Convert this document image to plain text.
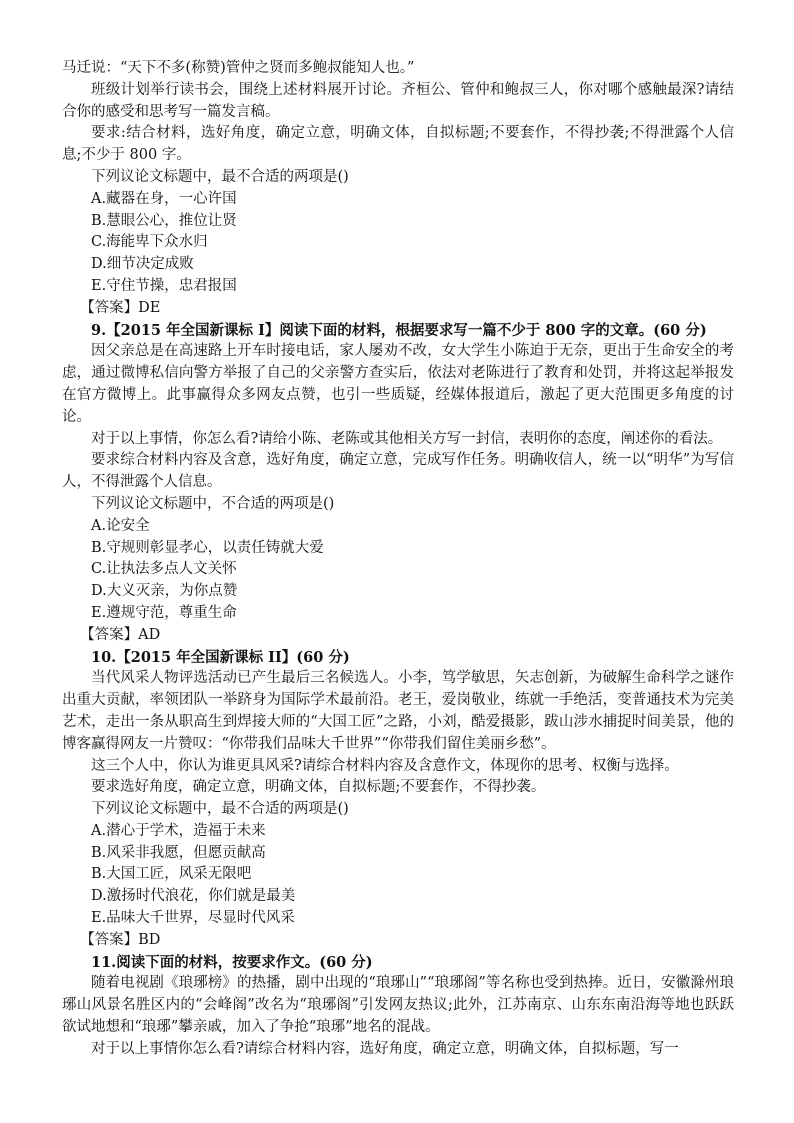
马迁说：“天下不多(称赞)管仲之贤而多鲍叔能知人也。”

班级计划举行读书会，围绕上述材料展开讨论。齐桓公、管仲和鲍叔三人，你对哪个感触最深?请结合你的感受和思考写一篇发言稿。

要求:结合材料，选好角度，确定立意，明确文体，自拟标题;不要套作，不得抄袭;不得泄露个人信息;不少于 800 字。

下列议论文标题中，最不合适的两项是()

A.藏器在身，一心许国

B.慧眼公心，推位让贤

C.海能卑下众水归

D.细节决定成败

E.守住节操，忠君报国

【答案】DE

9.【2015 年全国新课标 I】阅读下面的材料，根据要求写一篇不少于 800 字的文章。(60 分)

因父亲总是在高速路上开车时接电话，家人屡劝不改，女大学生小陈迫于无奈，更出于生命安全的考虑，通过微博私信向警方举报了自己的父亲警方查实后，依法对老陈进行了教育和处罚，并将这起举报发在官方微博上。此事赢得众多网友点赞，也引一些质疑，经媒体报道后，激起了更大范围更多角度的讨论。

对于以上事情，你怎么看?请给小陈、老陈或其他相关方写一封信，表明你的态度，阐述你的看法。

要求综合材料内容及含意，选好角度，确定立意，完成写作任务。明确收信人，统一以“明华”为写信人，不得泄露个人信息。

下列议论文标题中，不合适的两项是()

A.论安全

B.守规则彰显孝心，以责任铸就大爱

C.让执法多点人文关怀

D.大义灭亲，为你点赞

E.遵规守范，尊重生命

【答案】AD

10.【2015 年全国新课标 II】(60 分)

当代风采人物评选活动已产生最后三名候选人。小李，笃学敏思，矢志创新，为破解生命科学之谜作出重大贡献，率领团队一举跻身为国际学术最前沿。老王，爱岗敬业，练就一手绝活，变普通技术为完美艺术，走出一条从职高生到焊接大师的“大国工匠”之路，小刘，酷爱摄影，跋山涉水捕捉时间美景，他的博客赢得网友一片赞叹：“你带我们品味大千世界”“你带我们留住美丽乡愁”。

这三个人中，你认为谁更具风采?请综合材料内容及含意作文，体现你的思考、权衡与选择。

要求选好角度，确定立意，明确文体，自拟标题;不要套作，不得抄袭。

下列议论文标题中，最不合适的两项是()

A.潜心于学术，造福于未来

B.风采非我愿，但愿贡献高

B.大国工匠，风采无限吧

D.激扬时代浪花，你们就是最美

E.品味大千世界，尽显时代风采

【答案】BD

11.阅读下面的材料，按要求作文。(60 分)

随着电视剧《琅琊榜》的热播，剧中出现的“琅琊山”“琅琊阁”等名称也受到热捧。近日，安徽滁州琅琊山风景名胜区内的“会峰阁”改名为“琅琊阁”引发网友热议;此外，江苏南京、山东东南沿海等地也跃跃欲试地想和“琅琊”攀亲戚，加入了争抢“琅琊”地名的混战。

对于以上事情你怎么看?请综合材料内容，选好角度，确定立意，明确文体，自拟标题，写一
